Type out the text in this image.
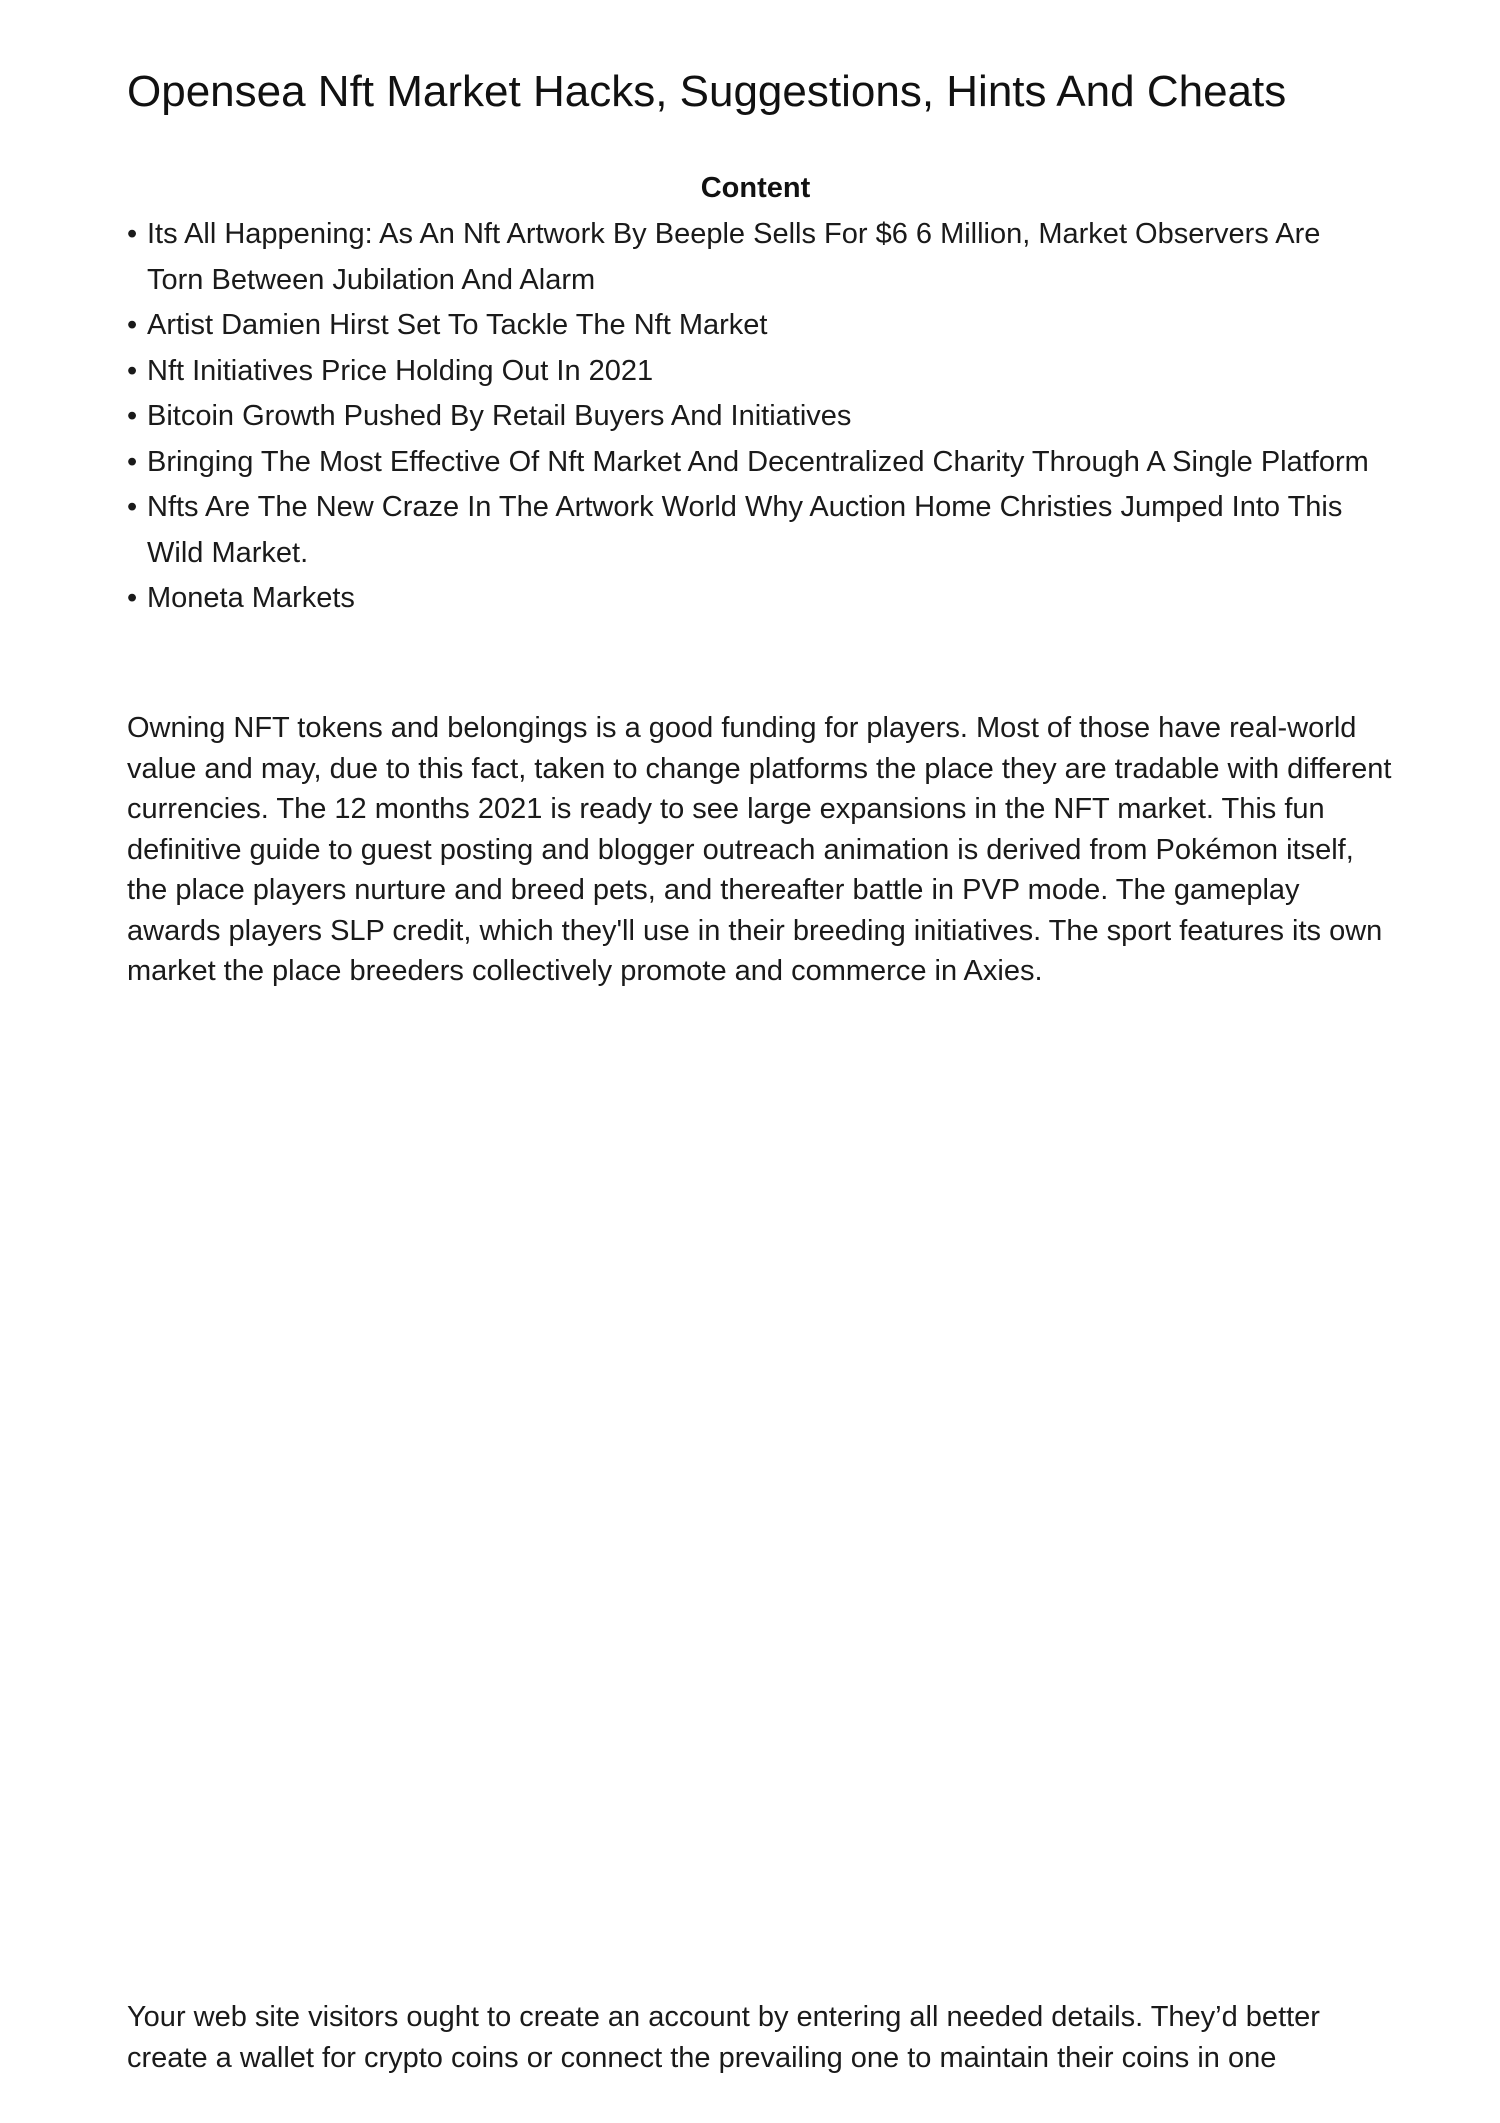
Opensea Nft Market Hacks, Suggestions, Hints And Cheats
Content
• Its All Happening: As An Nft Artwork By Beeple Sells For $6 6 Million, Market Observers Are Torn Between Jubilation And Alarm
• Artist Damien Hirst Set To Tackle The Nft Market
• Nft Initiatives Price Holding Out In 2021
• Bitcoin Growth Pushed By Retail Buyers And Initiatives
• Bringing The Most Effective Of Nft Market And Decentralized Charity Through A Single Platform
• Nfts Are The New Craze In The Artwork World Why Auction Home Christies Jumped Into This Wild Market.
• Moneta Markets

Owning NFT tokens and belongings is a good funding for players. Most of those have real-world value and may, due to this fact, taken to change platforms the place they are tradable with different currencies. The 12 months 2021 is ready to see large expansions in the NFT market. This fun definitive guide to guest posting and blogger outreach animation is derived from Pokémon itself, the place players nurture and breed pets, and thereafter battle in PVP mode. The gameplay awards players SLP credit, which they'll use in their breeding initiatives. The sport features its own market the place breeders collectively promote and commerce in Axies.

Your web site visitors ought to create an account by entering all needed details. They’d better create a wallet for crypto coins or connect the prevailing one to maintain their coins in one
